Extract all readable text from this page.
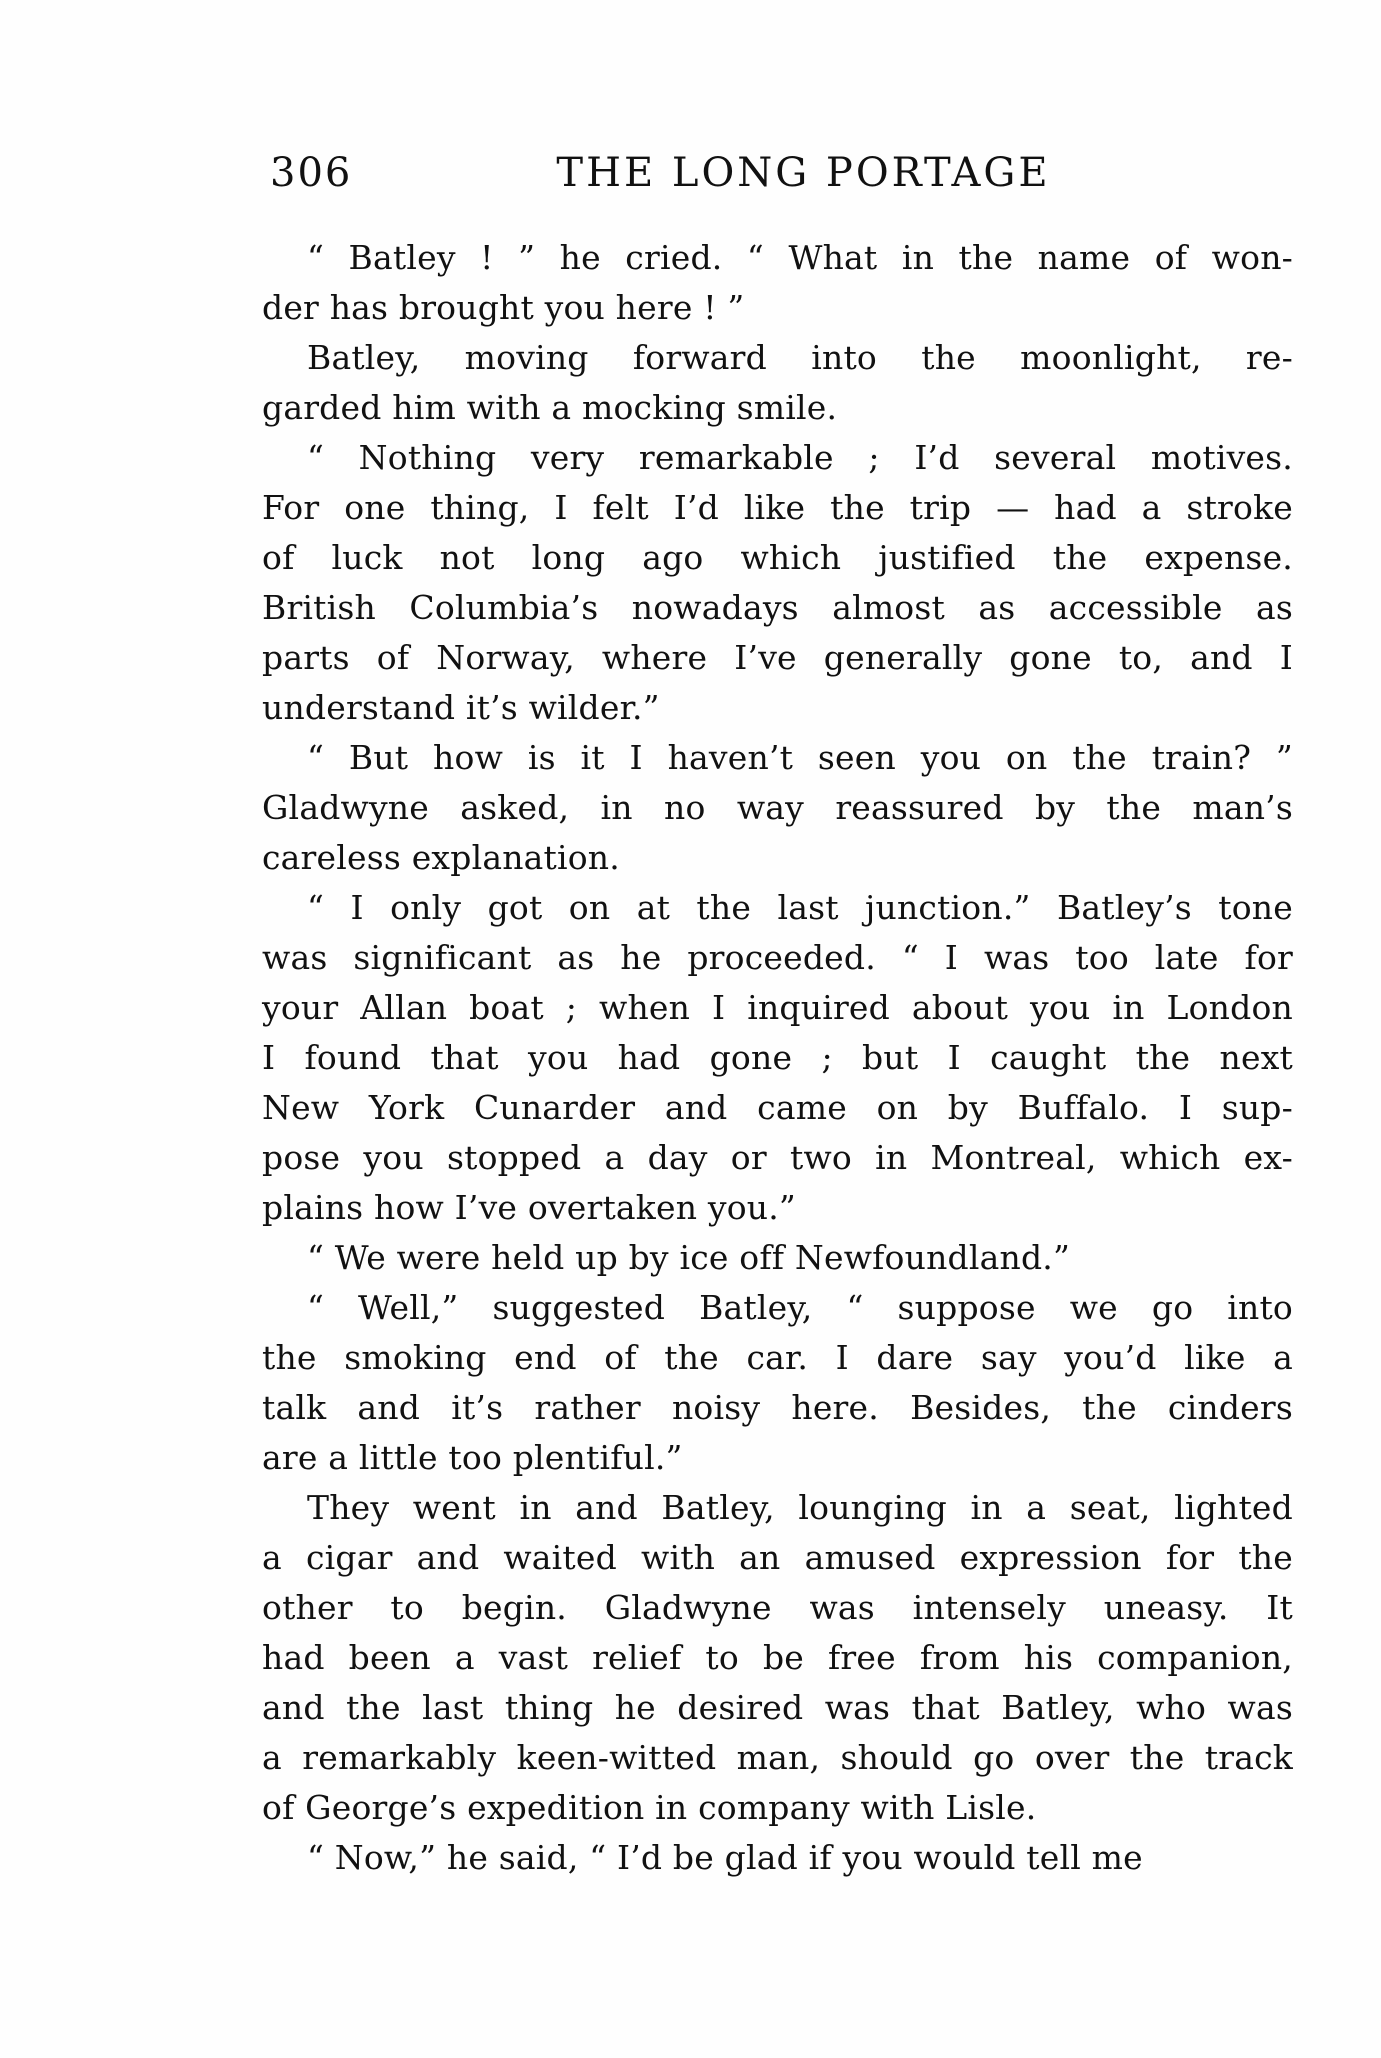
306	THE LONG PORTAGE
“ Batley ! ” he cried. “ What in the name of won-
der has brought you here ! ”
Batley, moving forward into the moonlight, re-
garded him with a mocking smile.
“ Nothing very remarkable ; I’d several motives.
For one thing, I felt I’d like the trip — had a stroke
of luck not long ago which justified the expense.
British Columbia’s nowadays almost as accessible as
parts of Norway, where I’ve generally gone to, and I
understand it’s wilder.”
“ But how is it I haven’t seen you on the train? ”
Gladwyne asked, in no way reassured by the man’s
careless explanation.
“ I only got on at the last junction.” Batley’s tone
was significant as he proceeded. “ I was too late for
your Allan boat ; when I inquired about you in London
I found that you had gone ; but I caught the next
New York Cunarder and came on by Buffalo. I sup-
pose you stopped a day or two in Montreal, which ex-
plains how I’ve overtaken you.”
“ We were held up by ice off Newfoundland.”
“ Well,” suggested Batley, “ suppose we go into
the smoking end of the car. I dare say you’d like a
talk and it’s rather noisy here. Besides, the cinders
are a little too plentiful.”
They went in and Batley, lounging in a seat, lighted
a cigar and waited with an amused expression for the
other to begin. Gladwyne was intensely uneasy. It
had been a vast relief to be free from his companion,
and the last thing he desired was that Batley, who was
a remarkably keen-witted man, should go over the track
of George’s expedition in company with Lisle.
“ Now,” he said, “ I’d be glad if you would tell me
